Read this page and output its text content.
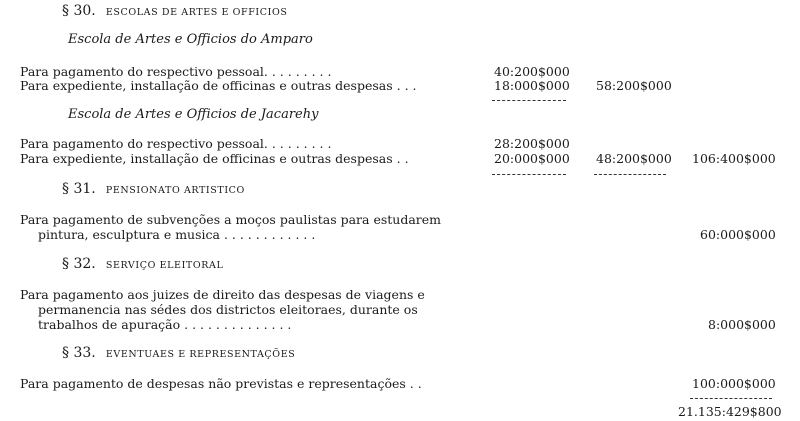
§ 30. ESCOLAS DE ARTES E OFFICIOS
Escola de Artes e Officios do Amparo
Para pagamento do respectivo pessoal. . . . . . . . .	40:200$000
Para expediente, installação de officinas e outras despesas . . .	18:000$000 58:200$000
Escola de Artes e Officios de Jacarehy
Para pagamento do respectivo pessoal. . . . . . . . .	28:200$000
Para expediente, installação de officinas e outras despesas . .	20:000$000 48:200$000 106:400$000
§ 31. PENSIONATO ARTISTICO
Para pagamento de subvenções a moços paulistas para estudarem
pintura, esculptura e musica . . . . . . . . . . . .	60:000$000
§ 32. SERVIÇO ELEITORAL
Para pagamento aos juizes de direito das despesas de viagens e
permanencia nas sédes dos districtos eleitoraes, durante os
trabalhos de apuração . . . . . . . . . . . . . .	8:000$000
§ 33. EVENTUAES E REPRESENTAÇÕES
Para pagamento de despesas não previstas e representações . .	100:000$000
21.135:429$800
